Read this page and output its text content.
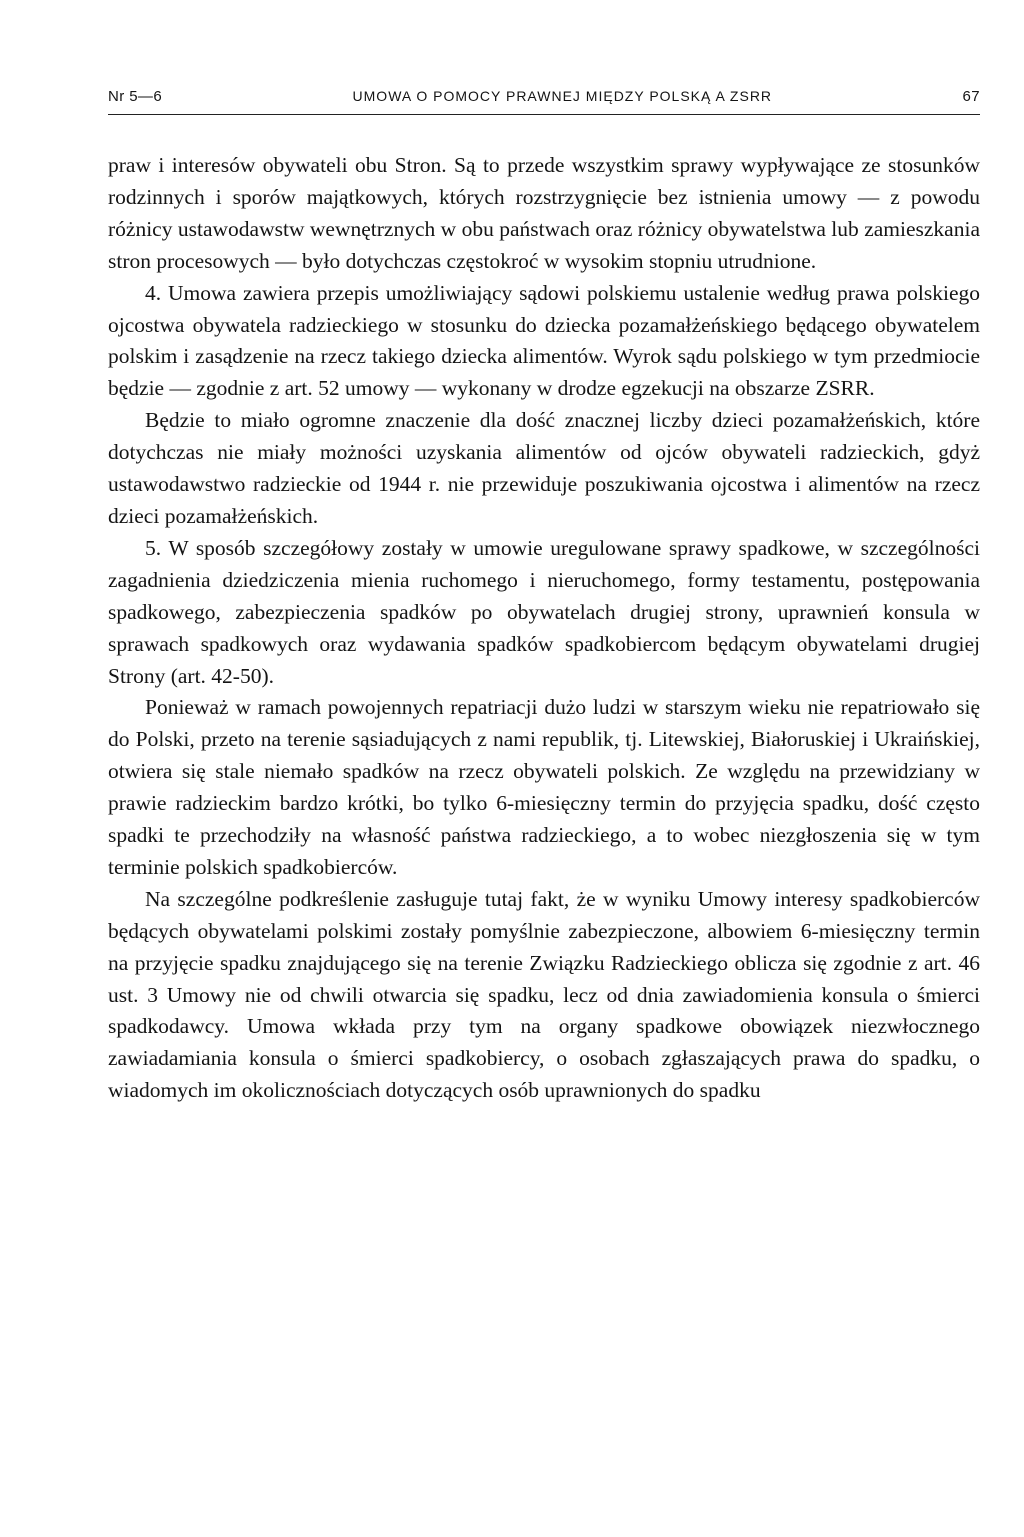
Nr 5—6	UMOWA O POMOCY PRAWNEJ MIĘDZY POLSKĄ A ZSRR	67

praw i interesów obywateli obu Stron. Są to przede wszystkim sprawy wypływające ze stosunków rodzinnych i sporów majątkowych, których rozstrzygnięcie bez istnienia umowy — z powodu różnicy ustawodawstw wewnętrznych w obu państwach oraz różnicy obywatelstwa lub zamieszkania stron procesowych — było dotychczas częstokroć w wysokim stopniu utrudnione.

4. Umowa zawiera przepis umożliwiający sądowi polskiemu ustalenie według prawa polskiego ojcostwa obywatela radzieckiego w stosunku do dziecka pozamałżeńskiego będącego obywatelem polskim i zasądzenie na rzecz takiego dziecka alimentów. Wyrok sądu polskiego w tym przedmiocie będzie — zgodnie z art. 52 umowy — wykonany w drodze egzekucji na obszarze ZSRR.

Będzie to miało ogromne znaczenie dla dość znacznej liczby dzieci pozamałżeńskich, które dotychczas nie miały możności uzyskania alimentów od ojców obywateli radzieckich, gdyż ustawodawstwo radzieckie od 1944 r. nie przewiduje poszukiwania ojcostwa i alimentów na rzecz dzieci pozamałżeńskich.

5. W sposób szczegółowy zostały w umowie uregulowane sprawy spadkowe, w szczególności zagadnienia dziedziczenia mienia ruchomego i nieruchomego, formy testamentu, postępowania spadkowego, zabezpieczenia spadków po obywatelach drugiej strony, uprawnień konsula w sprawach spadkowych oraz wydawania spadków spadkobiercom będącym obywatelami drugiej Strony (art. 42-50).

Ponieważ w ramach powojennych repatriacji dużo ludzi w starszym wieku nie repatriowało się do Polski, przeto na terenie sąsiadujących z nami republik, tj. Litewskiej, Białoruskiej i Ukraińskiej, otwiera się stale niemało spadków na rzecz obywateli polskich. Ze względu na przewidziany w prawie radzieckim bardzo krótki, bo tylko 6-miesięczny termin do przyjęcia spadku, dość często spadki te przechodziły na własność państwa radzieckiego, a to wobec niezgłoszenia się w tym terminie polskich spadkobierców.

Na szczególne podkreślenie zasługuje tutaj fakt, że w wyniku Umowy interesy spadkobierców będących obywatelami polskimi zostały pomyślnie zabezpieczone, albowiem 6-miesięczny termin na przyjęcie spadku znajdującego się na terenie Związku Radzieckiego oblicza się zgodnie z art. 46 ust. 3 Umowy nie od chwili otwarcia się spadku, lecz od dnia zawiadomienia konsula o śmierci spadkodawcy. Umowa wkłada przy tym na organy spadkowe obowiązek niezwłocznego zawiadamiania konsula o śmierci spadkobiercy, o osobach zgłaszających prawa do spadku, o wiadomych im okolicznościach dotyczących osób uprawnionych do spadku
